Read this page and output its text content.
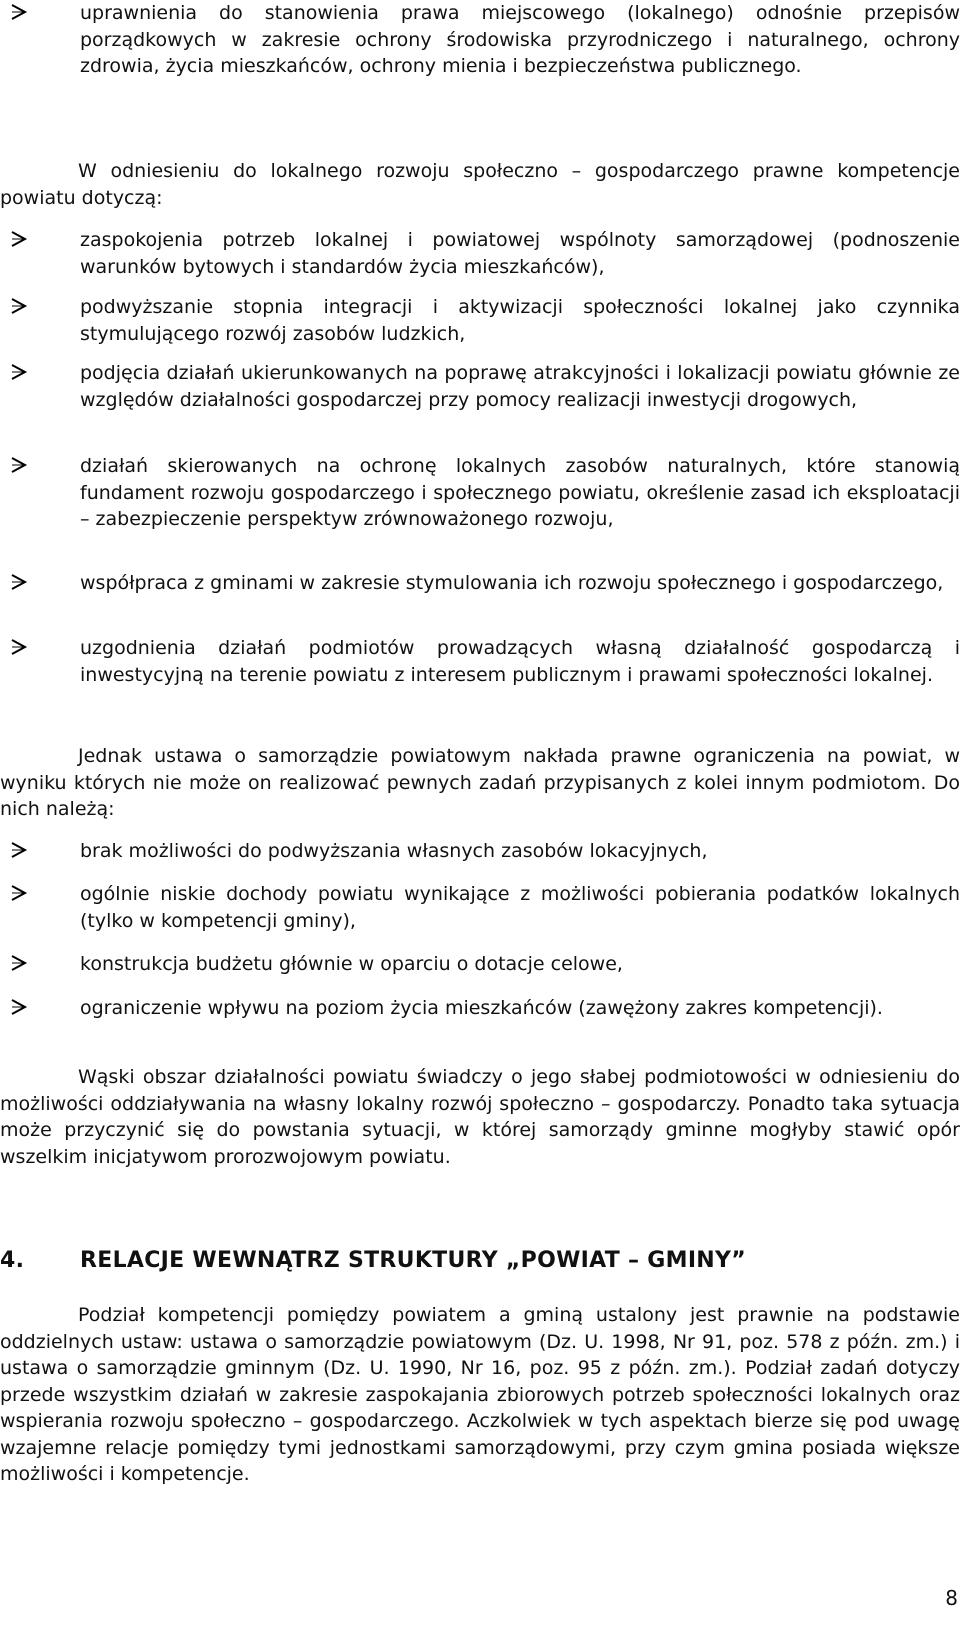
uprawnienia do stanowienia prawa miejscowego (lokalnego) odnośnie przepisów porządkowych w zakresie ochrony środowiska przyrodniczego i naturalnego, ochrony zdrowia, życia mieszkańców, ochrony mienia i bezpieczeństwa publicznego.
W odniesieniu do lokalnego rozwoju społeczno – gospodarczego prawne kompetencje powiatu dotyczą:
zaspokojenia potrzeb lokalnej i powiatowej wspólnoty samorządowej (podnoszenie warunków bytowych i standardów życia mieszkańców),
podwyższanie stopnia integracji i aktywizacji społeczności lokalnej jako czynnika stymulującego rozwój zasobów ludzkich,
podjęcia działań ukierunkowanych na poprawę atrakcyjności i lokalizacji powiatu głównie ze względów działalności gospodarczej przy pomocy realizacji inwestycji drogowych,
działań skierowanych na ochronę lokalnych zasobów naturalnych, które stanowią fundament rozwoju gospodarczego i społecznego powiatu, określenie zasad ich eksploatacji – zabezpieczenie perspektyw zrównoważonego rozwoju,
współpraca z gminami w zakresie stymulowania ich rozwoju społecznego i gospodarczego,
uzgodnienia działań podmiotów prowadzących własną działalność gospodarczą i inwestycyjną na terenie powiatu z interesem publicznym i prawami społeczności lokalnej.
Jednak ustawa o samorządzie powiatowym nakłada prawne ograniczenia na powiat, w wyniku których nie może on realizować pewnych zadań przypisanych z kolei innym podmiotom. Do nich należą:
brak możliwości do podwyższania własnych zasobów lokacyjnych,
ogólnie niskie dochody powiatu wynikające z możliwości pobierania podatków lokalnych (tylko w kompetencji gminy),
konstrukcja budżetu głównie w oparciu o dotacje celowe,
ograniczenie wpływu na poziom życia mieszkańców (zawężony zakres kompetencji).
Wąski obszar działalności powiatu świadczy o jego słabej podmiotowości w odniesieniu do możliwości oddziaływania na własny lokalny rozwój społeczno – gospodarczy. Ponadto taka sytuacja może przyczynić się do powstania sytuacji, w której samorządy gminne mogłyby stawić opór wszelkim inicjatywom prorozwojowym powiatu.
4.	RELACJE WEWNĄTRZ STRUKTURY „POWIAT – GMINY”
Podział kompetencji pomiędzy powiatem a gminą ustalony jest prawnie na podstawie oddzielnych ustaw: ustawa o samorządzie powiatowym (Dz. U. 1998, Nr 91, poz. 578 z późn. zm.) i ustawa o samorządzie gminnym (Dz. U. 1990, Nr 16, poz. 95 z późn. zm.). Podział zadań dotyczy przede wszystkim działań w zakresie zaspokajania zbiorowych potrzeb społeczności lokalnych oraz wspierania rozwoju społeczno – gospodarczego. Aczkolwiek w tych aspektach bierze się pod uwagę wzajemne relacje pomiędzy tymi jednostkami samorządowymi, przy czym gmina posiada większe możliwości i kompetencje.
8
